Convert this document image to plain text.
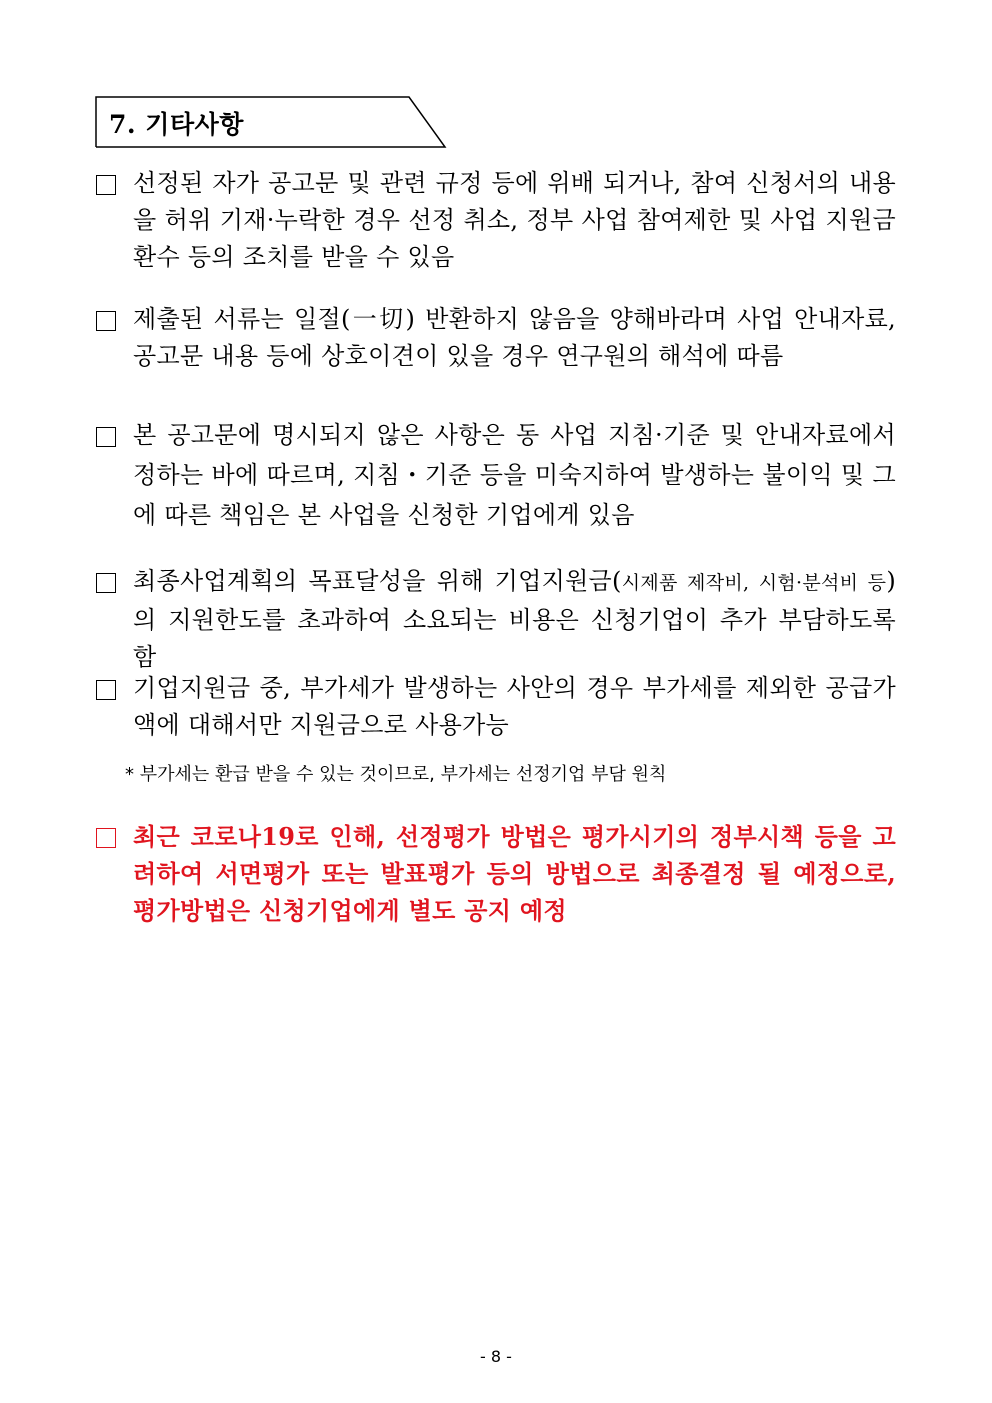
7. 기타사항
선정된 자가 공고문 및 관련 규정 등에 위배 되거나, 참여 신청서의 내용을 허위 기재·누락한 경우 선정 취소, 정부 사업 참여제한 및 사업 지원금 환수 등의 조치를 받을 수 있음
제출된 서류는 일절(一切) 반환하지 않음을 양해바라며 사업 안내자료, 공고문 내용 등에 상호이견이 있을 경우 연구원의 해석에 따름
본 공고문에 명시되지 않은 사항은 동 사업 지침·기준 및 안내자료에서 정하는 바에 따르며, 지침・기준 등을 미숙지하여 발생하는 불이익 및 그에 따른 책임은 본 사업을 신청한 기업에게 있음
최종사업계획의 목표달성을 위해 기업지원금(시제품 제작비, 시험·분석비 등)의 지원한도를 초과하여 소요되는 비용은 신청기업이 추가 부담하도록 함
기업지원금 중, 부가세가 발생하는 사안의 경우 부가세를 제외한 공급가액에 대해서만 지원금으로 사용가능
* 부가세는 환급 받을 수 있는 것이므로, 부가세는 선정기업 부담 원칙
최근 코로나19로 인해, 선정평가 방법은 평가시기의 정부시책 등을 고려하여 서면평가 또는 발표평가 등의 방법으로 최종결정 될 예정으로, 평가방법은 신청기업에게 별도 공지 예정
- 8 -
